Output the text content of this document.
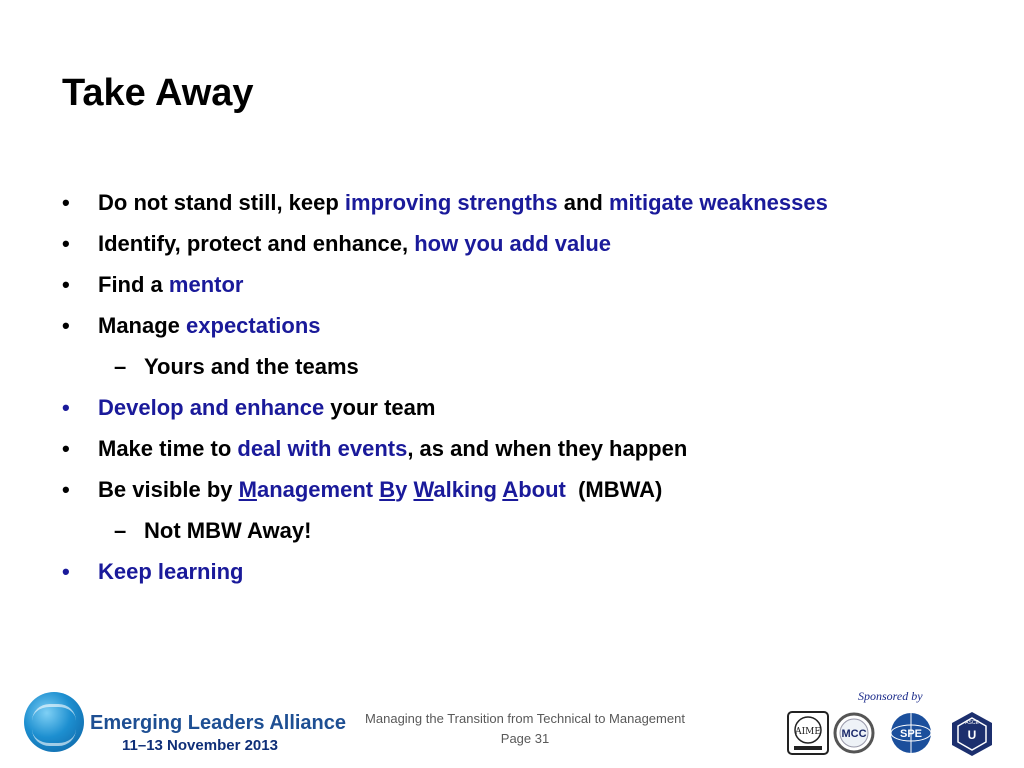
Take Away
•	Do not stand still, keep improving strengths and mitigate weaknesses
•	Identify, protect and enhance, how you add value
•	Find a mentor
•	Manage expectations
– Yours and the teams
•	Develop and enhance your team
•	Make time to deal with events, as and when they happen
•	Be visible by Management By Walking About  (MBWA)
– Not MBW Away!
•	Keep learning
Emerging Leaders Alliance
11–13 November 2013
Managing the Transition from Technical to Management
Page 31
Sponsored by
AIME MCC	SPE	U
ASCE
